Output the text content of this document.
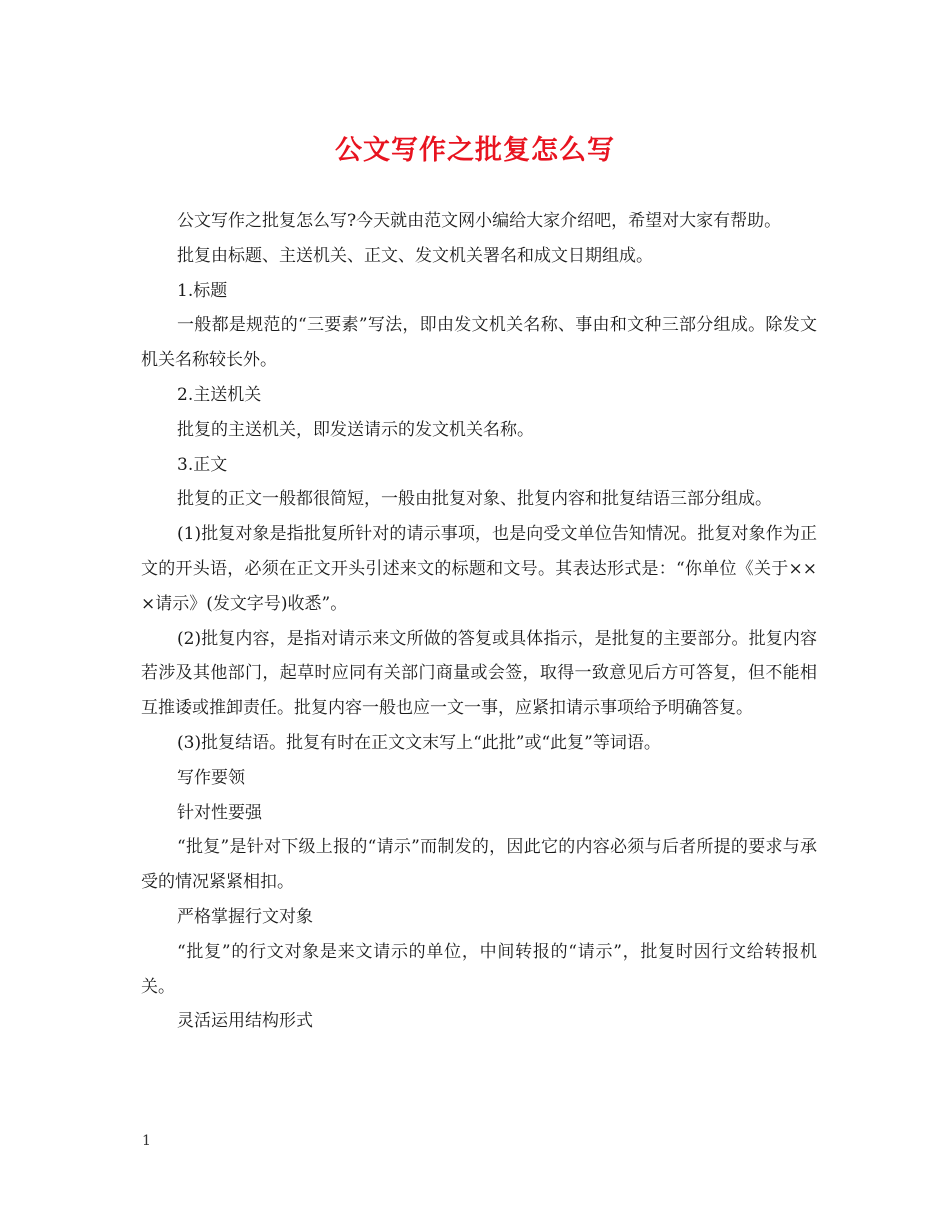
公文写作之批复怎么写

公文写作之批复怎么写?今天就由范文网小编给大家介绍吧，希望对大家有帮助。

批复由标题、主送机关、正文、发文机关署名和成文日期组成。

1.标题

一般都是规范的“三要素”写法，即由发文机关名称、事由和文种三部分组成。除发文机关名称较长外。

2.主送机关

批复的主送机关，即发送请示的发文机关名称。

3.正文

批复的正文一般都很简短，一般由批复对象、批复内容和批复结语三部分组成。

(1)批复对象是指批复所针对的请示事项，也是向受文单位告知情况。批复对象作为正文的开头语，必须在正文开头引述来文的标题和文号。其表达形式是：“你单位《关于×××请示》(发文字号)收悉”。

(2)批复内容，是指对请示来文所做的答复或具体指示，是批复的主要部分。批复内容若涉及其他部门，起草时应同有关部门商量或会签，取得一致意见后方可答复，但不能相互推诿或推卸责任。批复内容一般也应一文一事，应紧扣请示事项给予明确答复。

(3)批复结语。批复有时在正文文末写上“此批”或“此复”等词语。

写作要领

针对性要强

“批复”是针对下级上报的“请示”而制发的，因此它的内容必须与后者所提的要求与承受的情况紧紧相扣。

严格掌握行文对象

“批复”的行文对象是来文请示的单位，中间转报的“请示”，批复时因行文给转报机关。

灵活运用结构形式

1
